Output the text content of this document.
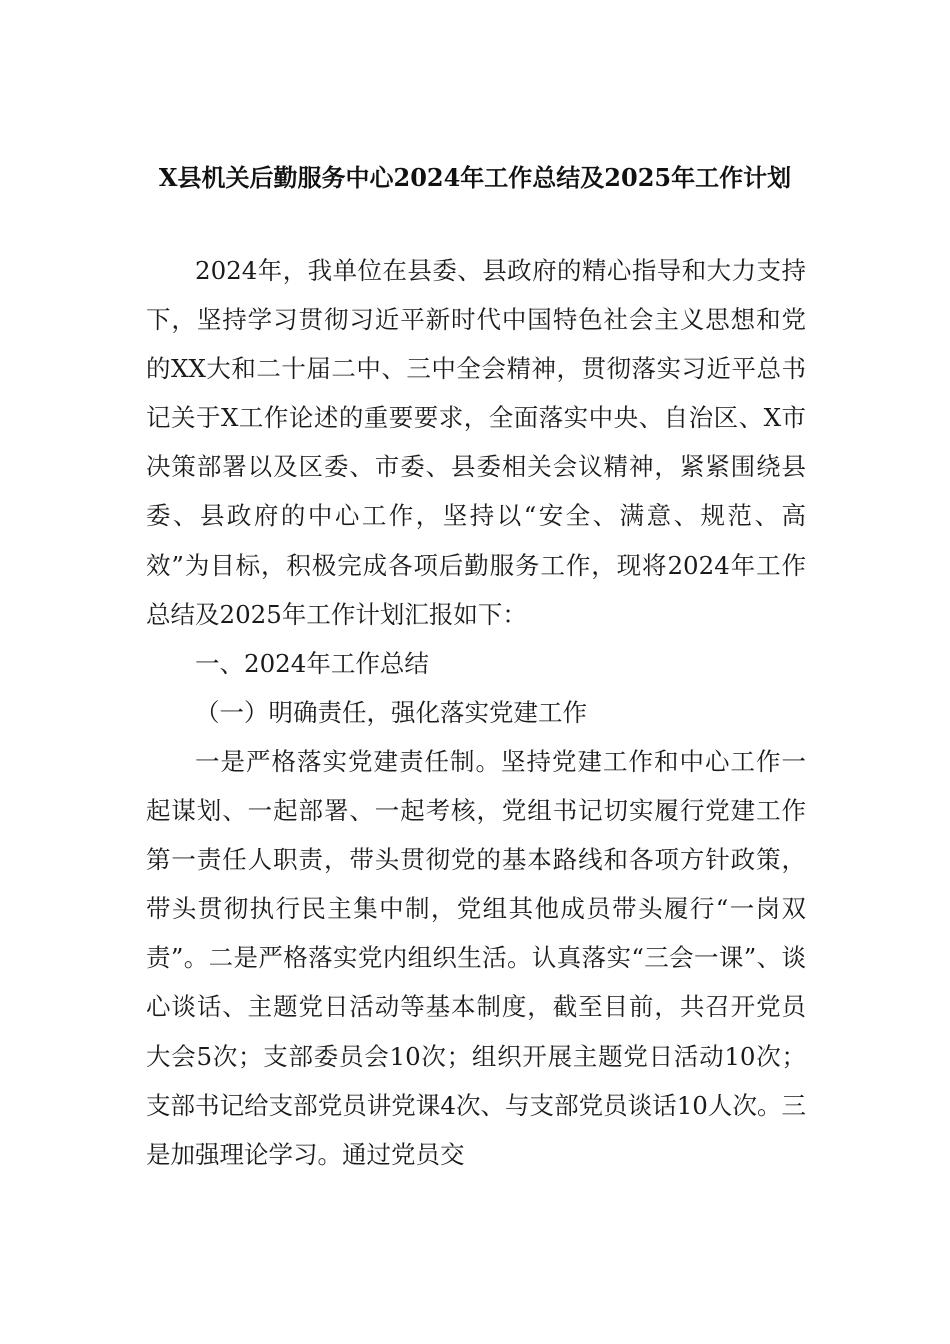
X县机关后勤服务中心2024年工作总结及2025年工作计划

2024年，我单位在县委、县政府的精心指导和大力支持下，坚持学习贯彻习近平新时代中国特色社会主义思想和党的XX大和二十届二中、三中全会精神，贯彻落实习近平总书记关于X工作论述的重要要求，全面落实中央、自治区、X市决策部署以及区委、市委、县委相关会议精神，紧紧围绕县委、县政府的中心工作，坚持以“安全、满意、规范、高效”为目标，积极完成各项后勤服务工作，现将2024年工作总结及2025年工作计划汇报如下：

一、2024年工作总结

（一）明确责任，强化落实党建工作

一是严格落实党建责任制。坚持党建工作和中心工作一起谋划、一起部署、一起考核，党组书记切实履行党建工作第一责任人职责，带头贯彻党的基本路线和各项方针政策，带头贯彻执行民主集中制，党组其他成员带头履行“一岗双责”。二是严格落实党内组织生活。认真落实“三会一课”、谈心谈话、主题党日活动等基本制度，截至目前，共召开党员大会5次；支部委员会10次；组织开展主题党日活动10次；支部书记给支部党员讲党课4次、与支部党员谈话10人次。三是加强理论学习。通过党员交
